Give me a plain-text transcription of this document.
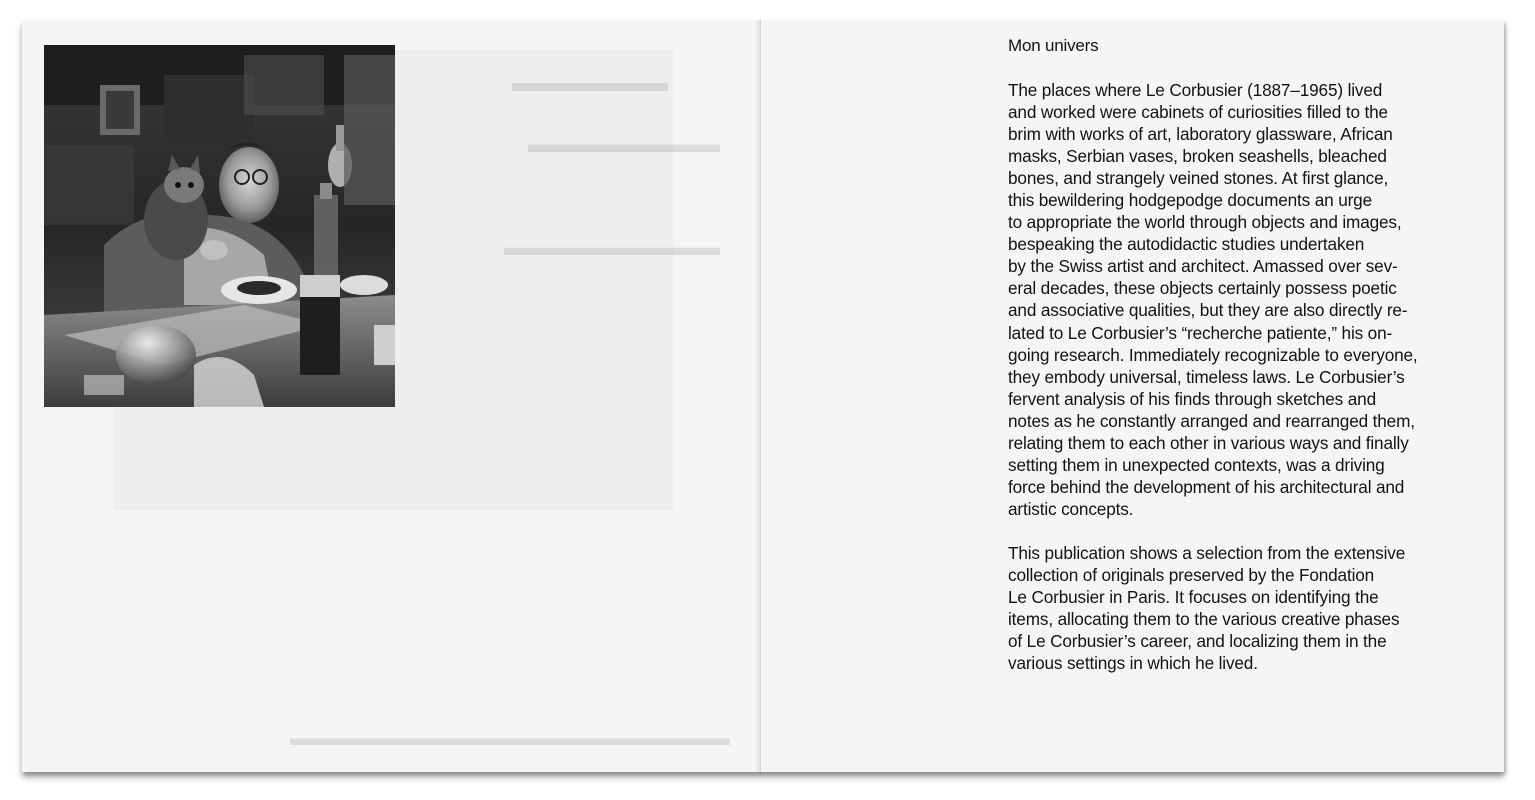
▬▬▬▬▬▬
▬▬▬▬▬▬▬▬
▬▬▬▬▬▬▬▬▬
▬▬▬▬▬▬▬▬▬▬▬▬▬▬▬▬▬▬▬▬
Mon univers

The places where Le Corbusier (1887–1965) lived
and worked were cabinets of curiosities filled to the
brim with works of art, laboratory glassware, African
masks, Serbian vases, broken seashells, bleached
bones, and strangely veined stones. At first glance,
this bewildering hodgepodge documents an urge
to appropriate the world through objects and images,
bespeaking the autodidactic studies undertaken
by the Swiss artist and architect. Amassed over sev-
eral decades, these objects certainly possess poetic
and associative qualities, but they are also directly re-
lated to Le Corbusier’s “recherche patiente,” his on-
going research. Immediately recognizable to everyone,
they embody universal, timeless laws. Le Corbusier’s
fervent analysis of his finds through sketches and
notes as he constantly arranged and rearranged them,
relating them to each other in various ways and finally
setting them in unexpected contexts, was a driving
force behind the development of his architectural and
artistic concepts.

This publication shows a selection from the extensive
collection of originals preserved by the Fondation
Le Corbusier in Paris. It focuses on identifying the
items, allocating them to the various creative phases
of Le Corbusier’s career, and localizing them in the
various settings in which he lived.
